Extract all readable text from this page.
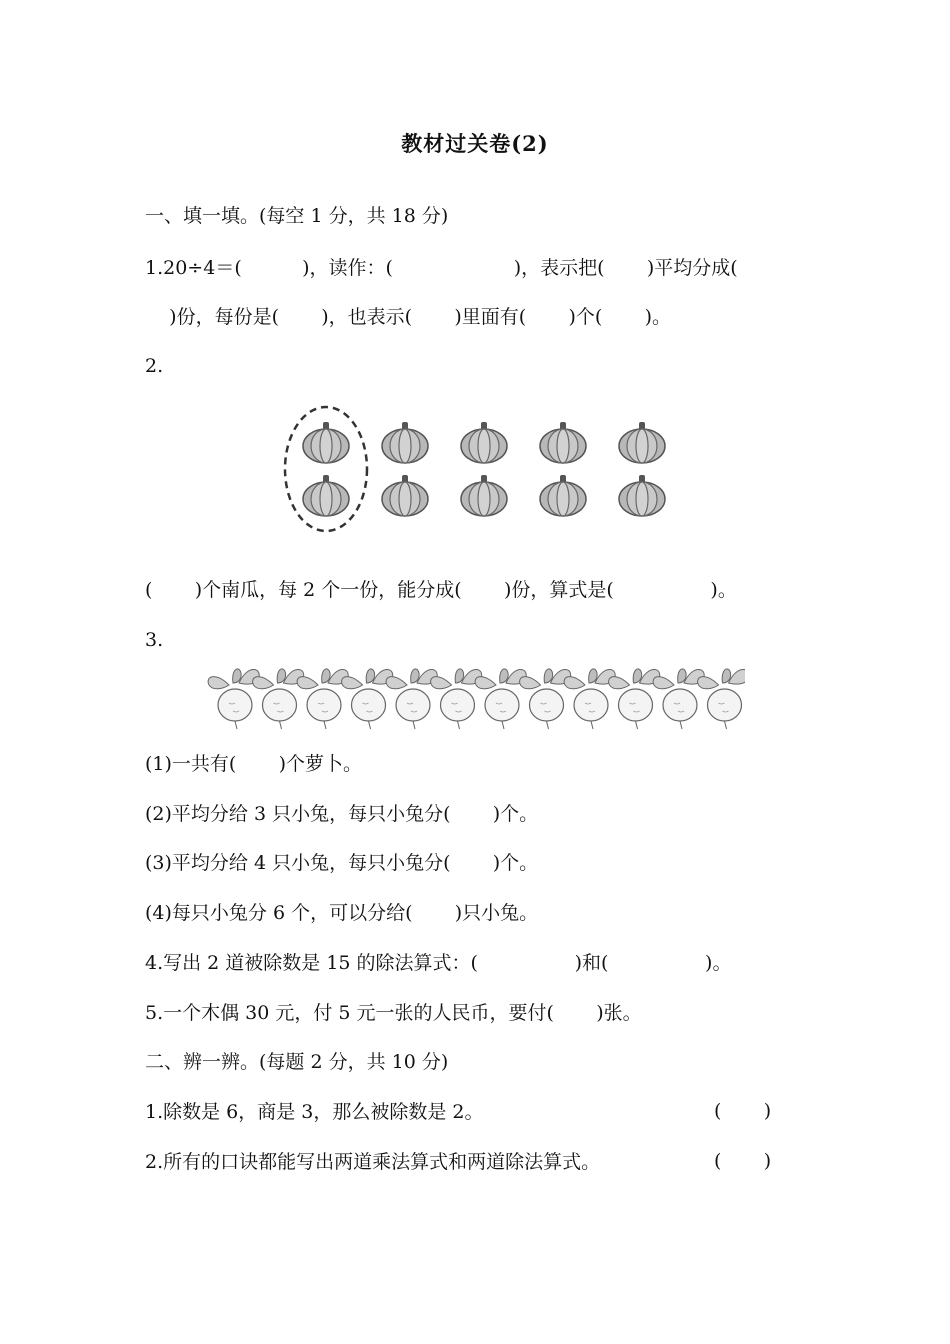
教材过关卷(2)
一、填一填。(每空 1 分，共 18 分)
1.20÷4＝(          )，读作：(                    )，表示把(       )平均分成(
)份，每份是(       )，也表示(       )里面有(       )个(       )。
2.
(       )个南瓜，每 2 个一份，能分成(       )份，算式是(                )。
3.
(1)一共有(       )个萝卜。
(2)平均分给 3 只小兔，每只小兔分(       )个。
(3)平均分给 4 只小兔，每只小兔分(       )个。
(4)每只小兔分 6 个，可以分给(       )只小兔。
4.写出 2 道被除数是 15 的除法算式：(                )和(                )。
5.一个木偶 30 元，付 5 元一张的人民币，要付(       )张。
二、辨一辨。(每题 2 分，共 10 分)
1.除数是 6，商是 3，那么被除数是 2。	(       )
2.所有的口诀都能写出两道乘法算式和两道除法算式。	(       )
